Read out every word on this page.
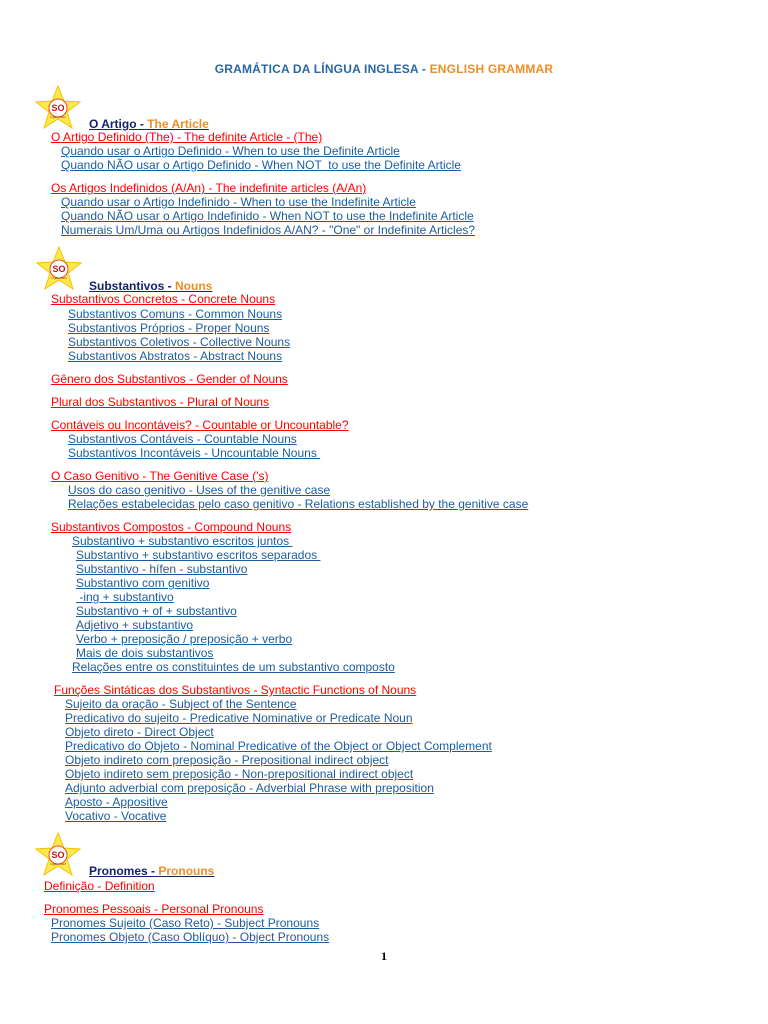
GRAMÁTICA DA LÍNGUA INGLESA - ENGLISH GRAMMAR
SO
Inglês Fácil O Artigo - The Article
O Artigo Definido (The) - The definite Article - (The)
Quando usar o Artigo Definido - When to use the Definite Article
Quando NÃO usar o Artigo Definido - When NOT  to use the Definite Article
Os Artigos Indefinidos (A/An) - The indefinite articles (A/An)
Quando usar o Artigo Indefinido - When to use the Indefinite Article
Quando NÃO usar o Artigo Indefinido - When NOT to use the Indefinite Article
Numerais Um/Uma ou Artigos Indefinidos A/AN? - "One" or Indefinite Articles?
SO
Inglês Fácil
Substantivos - Nouns
Substantivos Concretos - Concrete Nouns
Substantivos Comuns - Common Nouns
Substantivos Próprios - Proper Nouns
Substantivos Coletivos - Collective Nouns
Substantivos Abstratos - Abstract Nouns
Gênero dos Substantivos - Gender of Nouns
Plural dos Substantivos - Plural of Nouns
Contáveis ou Incontáveis? - Countable or Uncountable?
Substantivos Contáveis - Countable Nouns
Substantivos Incontáveis - Uncountable Nouns
O Caso Genitivo - The Genitive Case ('s)
Usos do caso genitivo - Uses of the genitive case
Relações estabelecidas pelo caso genitivo - Relations established by the genitive case
Substantivos Compostos - Compound Nouns
Substantivo + substantivo escritos juntos
Substantivo + substantivo escritos separados
Substantivo - hífen - substantivo
Substantivo com genitivo
-ing + substantivo
Substantivo + of + substantivo
Adjetivo + substantivo
Verbo + preposição / preposição + verbo
Mais de dois substantivos
Relações entre os constituintes de um substantivo composto
Funções Sintáticas dos Substantivos - Syntactic Functions of Nouns
Sujeito da oração - Subject of the Sentence
Predicativo do sujeito - Predicative Nominative or Predicate Noun
Objeto direto - Direct Object
Predicativo do Objeto - Nominal Predicative of the Object or Object Complement
Objeto indireto com preposição - Prepositional indirect object
Objeto indireto sem preposição - Non-prepositional indirect object
Adjunto adverbial com preposição - Adverbial Phrase with preposition
Aposto - Appositive
Vocativo - Vocative
SO
Inglês Fácil Pronomes - Pronouns
Definição - Definition
Pronomes Pessoais - Personal Pronouns
Pronomes Sujeito (Caso Reto) - Subject Pronouns
Pronomes Objeto (Caso Oblíquo) - Object Pronouns
1
